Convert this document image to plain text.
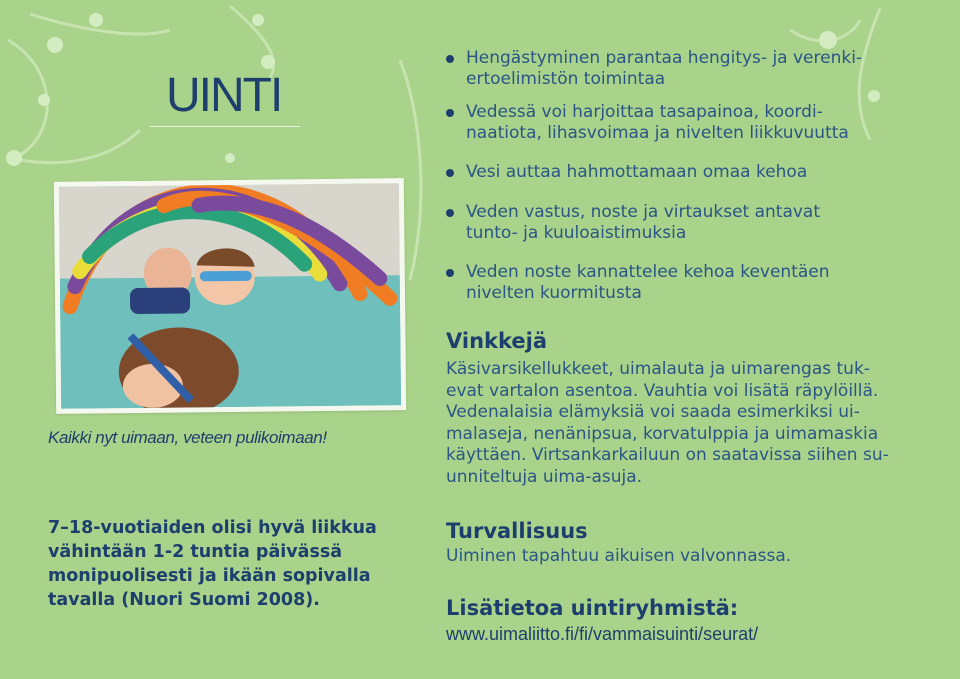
UINTI
Kaikki nyt uimaan, veteen pulikoimaan!
7–18-vuotiaiden olisi hyvä liikkua vähintään 1-2 tuntia päivässä monipuolisesti ja ikään sopivalla tavalla (Nuori Suomi 2008).
Hengästyminen parantaa hengitys- ja verenki-
ertoelimistön toimintaa
Vedessä voi harjoittaa tasapainoa, koordi-
naatiota, lihasvoimaa ja nivelten liikkuvuutta
Vesi auttaa hahmottamaan omaa kehoa
Veden vastus, noste ja virtaukset antavat
tunto- ja kuuloaistimuksia
Veden noste kannattelee kehoa keventäen
nivelten kuormitusta
Vinkkejä

Käsivarsikellukkeet, uimalauta ja uimarengas tuk-
evat vartalon asentoa. Vauhtia voi lisätä räpylöillä.
Vedenalaisia elämyksiä voi saada esimerkiksi ui-
malaseja, nenänipsua, korvatulppia ja uimamaskia
käyttäen. Virtsankarkailuun on saatavissa siihen su-
unniteltuja uima-asuja.

Turvallisuus

Uiminen tapahtuu aikuisen valvonnassa.

Lisätietoa uintiryhmistä:
www.uimaliitto.fi/fi/vammaisuinti/seurat/
